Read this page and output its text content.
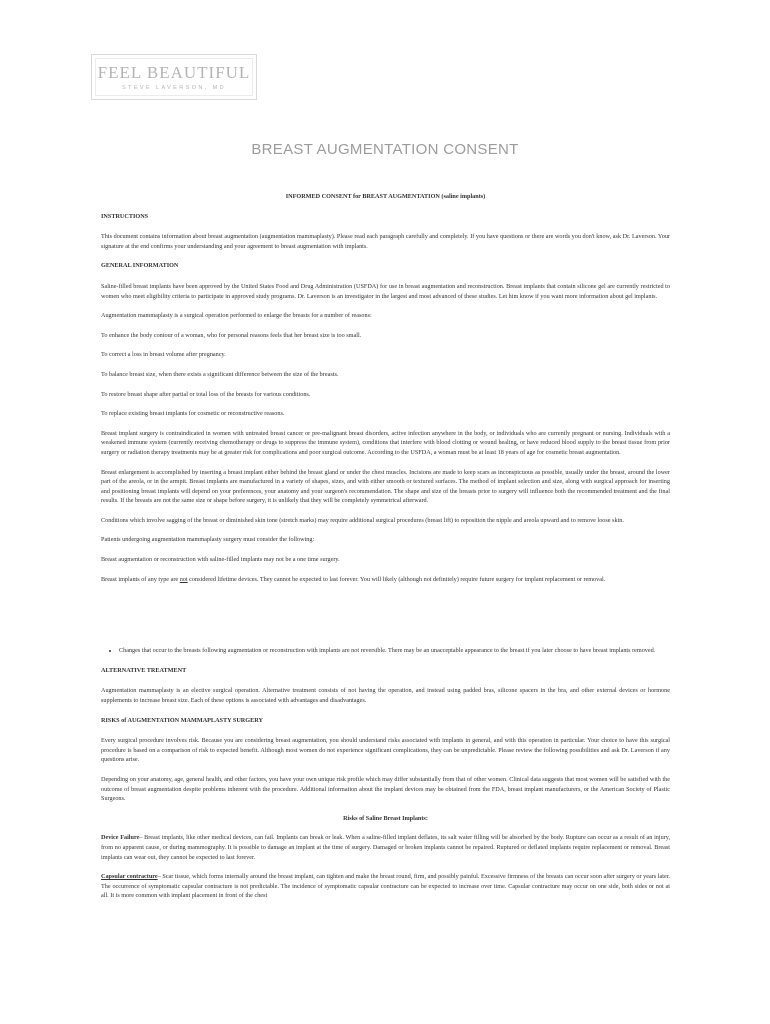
FEEL BEAUTIFUL
STEVE LAVERSON, MD
BREAST AUGMENTATION CONSENT

INFORMED CONSENT for BREAST AUGMENTATION (saline implants)

INSTRUCTIONS

This document contains information about breast augmentation (augmentation mammaplasty). Please read each paragraph carefully and completely. If you have questions or there are words you don't know, ask Dr. Laverson. Your signature at the end confirms your understanding and your agreement to breast augmentation with implants.

GENERAL INFORMATION

Saline-filled breast implants have been approved by the United States Food and Drug Administration (USFDA) for use in breast augmentation and reconstruction. Breast implants that contain silicone gel are currently restricted to women who meet eligibility criteria to participate in approved study programs. Dr. Laverson is an investigator in the largest and most advanced of these studies. Let him know if you want more information about gel implants.

Augmentation mammaplasty is a surgical operation performed to enlarge the breasts for a number of reasons:

To enhance the body contour of a woman, who for personal reasons feels that her breast size is too small.

To correct a loss in breast volume after pregnancy.

To balance breast size, when there exists a significant difference between the size of the breasts.

To restore breast shape after partial or total loss of the breasts for various conditions.

To replace existing breast implants for cosmetic or reconstructive reasons.

Breast implant surgery is contraindicated in women with untreated breast cancer or pre-malignant breast disorders, active infection anywhere in the body, or individuals who are currently pregnant or nursing. Individuals with a weakened immune system (currently receiving chemotherapy or drugs to suppress the immune system), conditions that interfere with blood clotting or wound healing, or have reduced blood supply to the breast tissue from prior surgery or radiation therapy treatments may be at greater risk for complications and poor surgical outcome. According to the USFDA, a woman must be at least 18 years of age for cosmetic breast augmentation.

Breast enlargement is accomplished by inserting a breast implant either behind the breast gland or under the chest muscles. Incisions are made to keep scars as inconspicuous as possible, usually under the breast, around the lower part of the areola, or in the armpit. Breast implants are manufactured in a variety of shapes, sizes, and with either smooth or textured surfaces. The method of implant selection and size, along with surgical approach for inserting and positioning breast implants will depend on your preferences, your anatomy and your surgeon's recommendation. The shape and size of the breasts prior to surgery will influence both the recommended treatment and the final results. If the breasts are not the same size or shape before surgery, it is unlikely that they will be completely symmetrical afterward.

Conditions which involve sagging of the breast or diminished skin tone (stretch marks) may require additional surgical procedures (breast lift) to reposition the nipple and areola upward and to remove loose skin.

Patients undergoing augmentation mammaplasty surgery must consider the following:

Breast augmentation or reconstruction with saline-filled implants may not be a one time surgery.

Breast implants of any type are not considered lifetime devices. They cannot be expected to last forever. You will likely (although not definitely) require future surgery for implant replacement or removal.

• Changes that occur to the breasts following augmentation or reconstruction with implants are not reversible. There may be an unacceptable appearance to the breast if you later choose to have breast implants removed.

ALTERNATIVE TREATMENT

Augmentation mammaplasty is an elective surgical operation. Alternative treatment consists of not having the operation, and instead using padded bras, silicone spacers in the bra, and other external devices or hormone supplements to increase breast size. Each of these options is associated with advantages and disadvantages.

RISKS of AUGMENTATION MAMMAPLASTY SURGERY

Every surgical procedure involves risk. Because you are considering breast augmentation, you should understand risks associated with implants in general, and with this operation in particular. Your choice to have this surgical procedure is based on a comparison of risk to expected benefit. Although most women do not experience significant complications, they can be unpredictable. Please review the following possibilities and ask Dr. Laverson if any questions arise.

Depending on your anatomy, age, general health, and other factors, you have your own unique risk profile which may differ substantially from that of other women. Clinical data suggests that most women will be satisfied with the outcome of breast augmentation despite problems inherent with the procedure. Additional information about the implant devices may be obtained from the FDA, breast implant manufacturers, or the American Society of Plastic Surgeons.

Risks of Saline Breast Implants:

Device Failure– Breast implants, like other medical devices, can fail. Implants can break or leak. When a saline-filled implant deflates, its salt water filling will be absorbed by the body. Rupture can occur as a result of an injury, from no apparent cause, or during mammography. It is possible to damage an implant at the time of surgery. Damaged or broken implants cannot be repaired. Ruptured or deflated implants require replacement or removal. Breast implants can wear out, they cannot be expected to last forever.

Capsular contracture– Scar tissue, which forms internally around the breast implant, can tighten and make the breast round, firm, and possibly painful. Excessive firmness of the breasts can occur soon after surgery or years later. The occurrence of symptomatic capsular contracture is not predictable. The incidence of symptomatic capsular contracture can be expected to increase over time. Capsular contracture may occur on one side, both sides or not at all. It is more common with implant placement in front of the chest
